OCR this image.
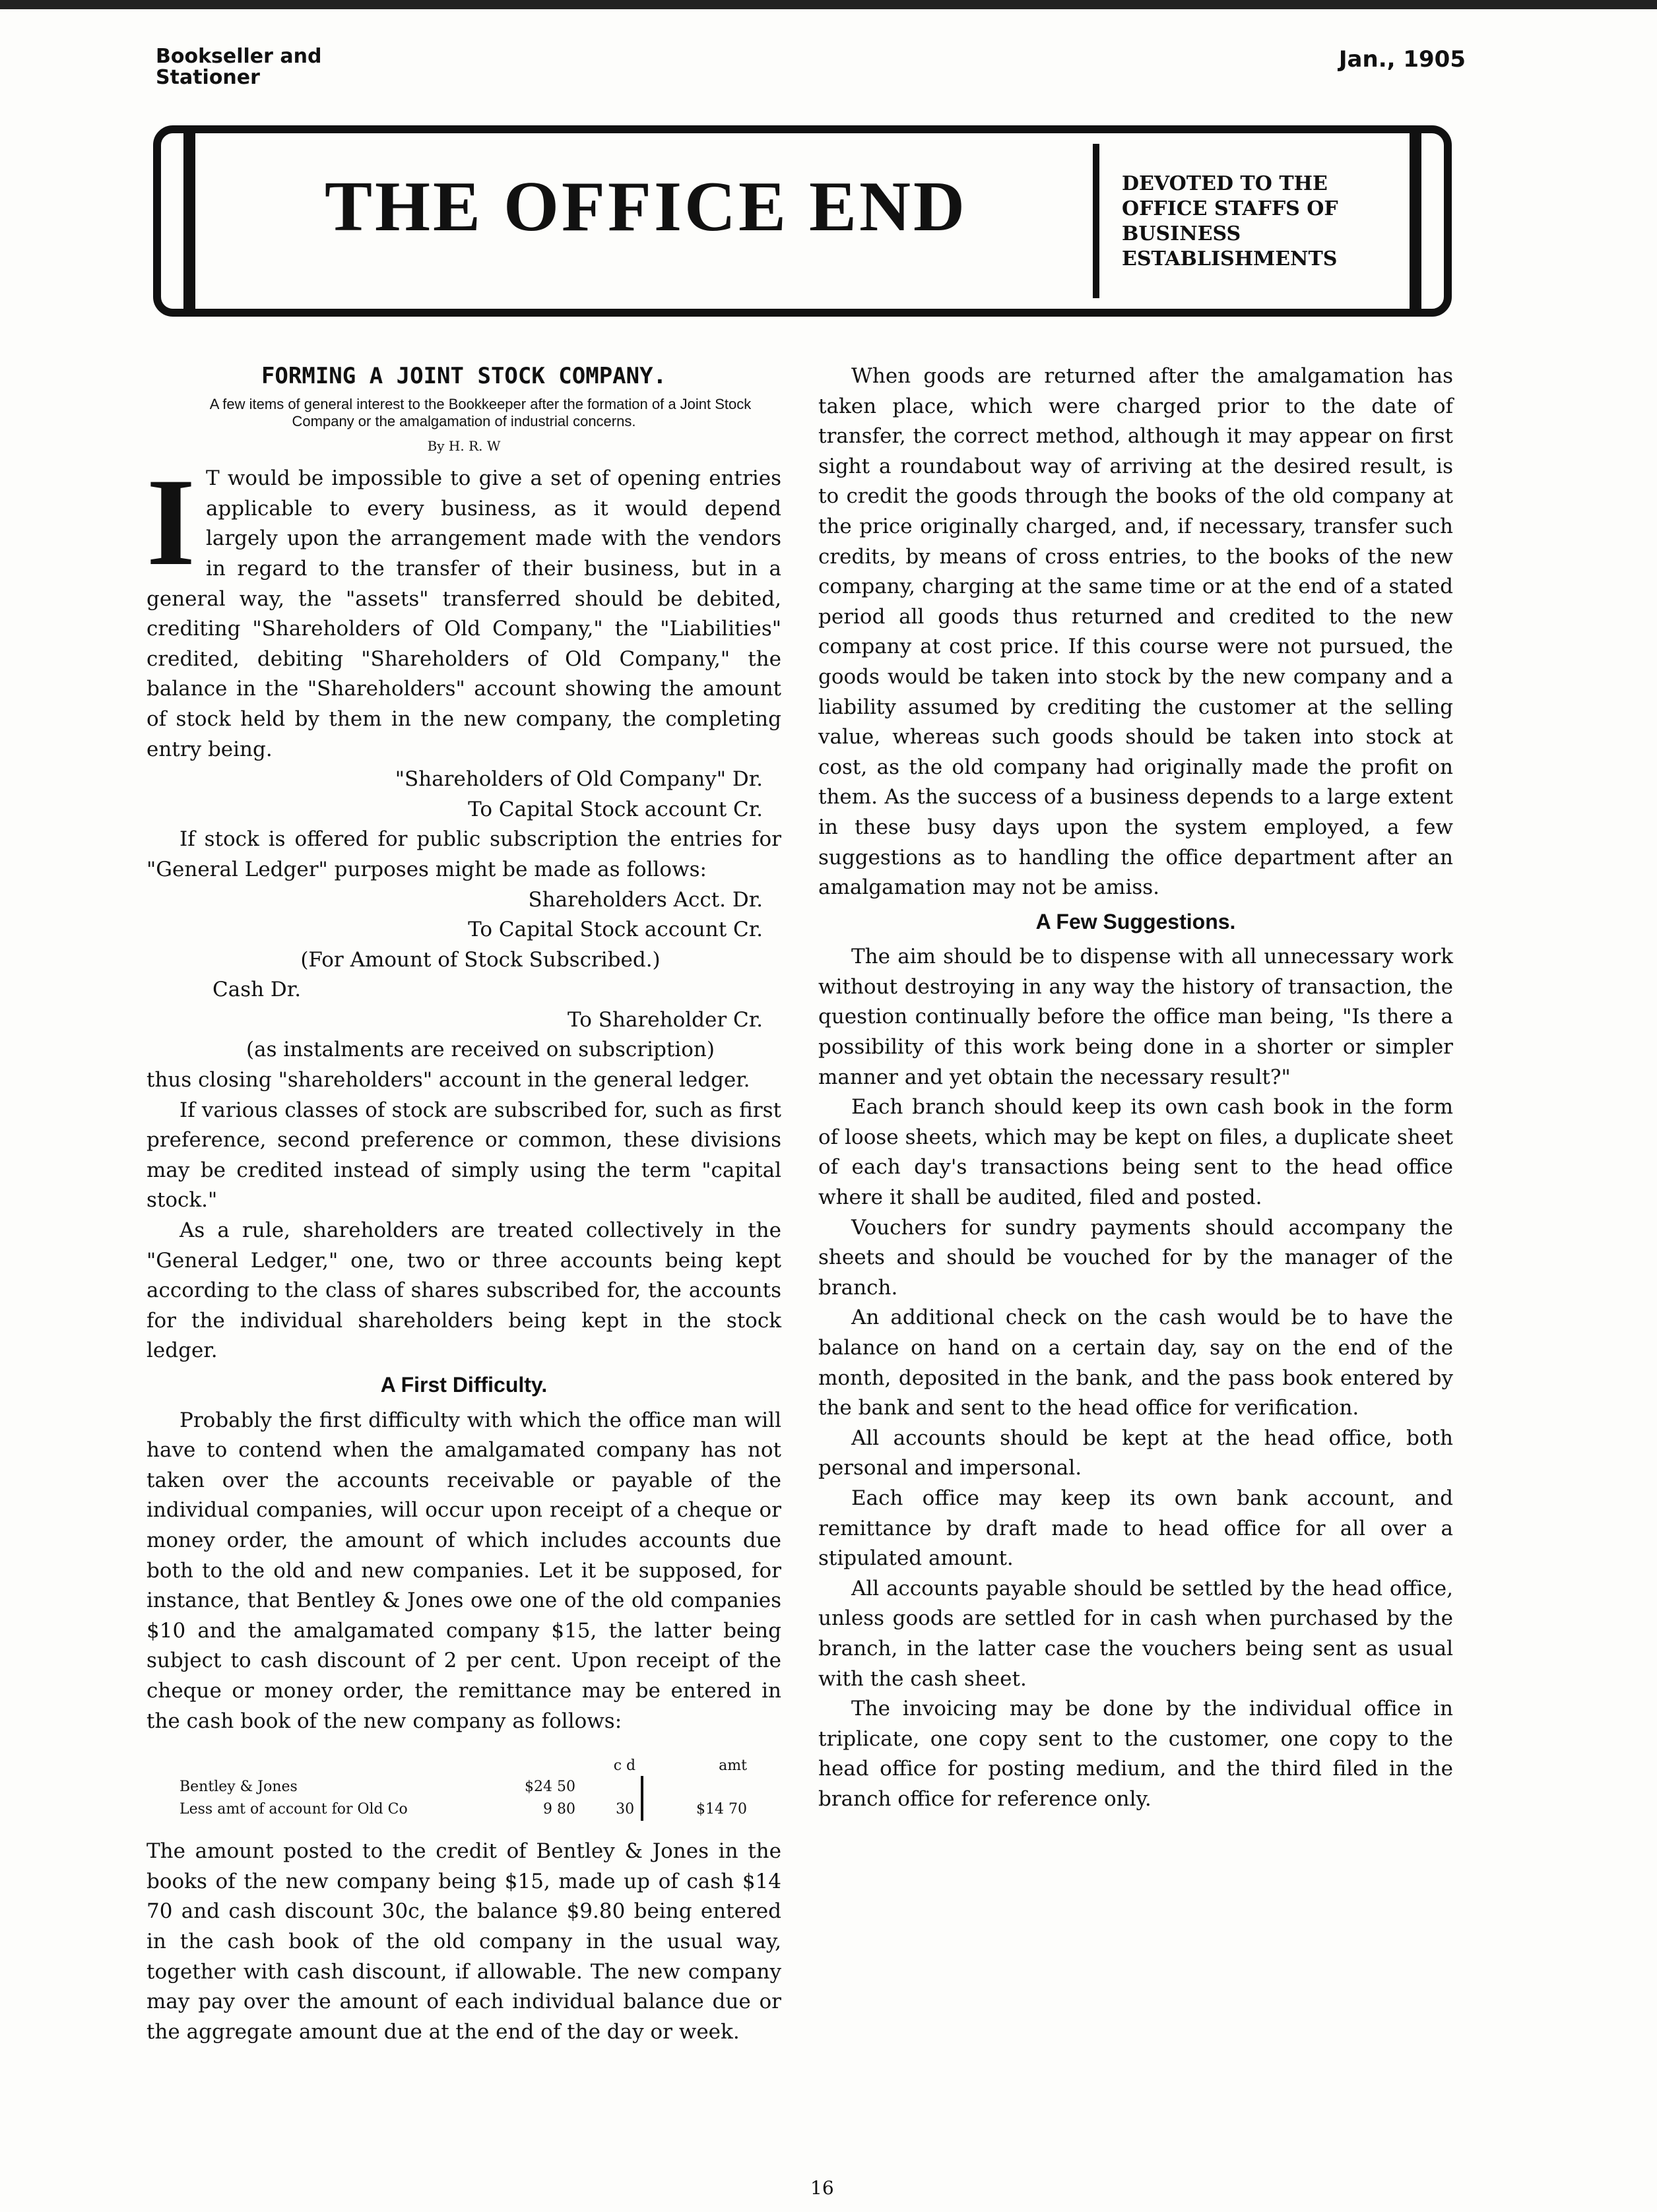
Bookseller and Stationer
Jan., 1905
THE OFFICE END	DEVOTED TO THE OFFICE STAFFS OF BUSINESS ESTABLISHMENTS
FORMING A JOINT STOCK COMPANY.

A few items of general interest to the Bookkeeper after the formation of a Joint Stock Company or the amalgamation of industrial concerns.

By H. R. W
I T would be impossible to give a set of opening entries applicable to every business, as it would depend largely upon the arrangement made with the vendors in regard to the transfer of their business, but in a general way, the "assets" transferred should be debited, crediting "Shareholders of Old Company," the "Liabilities" credited, debiting "Shareholders of Old Company," the balance in the "Shareholders" account showing the amount of stock held by them in the new company, the completing entry being.

"Shareholders of Old Company" Dr.

To Capital Stock account Cr.

If stock is offered for public subscription the entries for "General Ledger" purposes might be made as follows:

Shareholders Acct. Dr.

To Capital Stock account Cr.

(For Amount of Stock Subscribed.)

Cash Dr.

To Shareholder Cr.

(as instalments are received on subscription)

thus closing "shareholders" account in the general ledger.

If various classes of stock are subscribed for, such as first preference, second preference or common, these divisions may be credited instead of simply using the term "capital stock."

As a rule, shareholders are treated collectively in the "General Ledger," one, two or three accounts being kept according to the class of shares subscribed for, the accounts for the individual shareholders being kept in the stock ledger.

A First Difficulty.

Probably the first difficulty with which the office man will have to contend when the amalgamated company has not taken over the accounts receivable or payable of the individual companies, will occur upon receipt of a cheque or money order, the amount of which includes accounts due both to the old and new companies. Let it be supposed, for instance, that Bentley & Jones owe one of the old companies $10 and the amalgamated company $15, the latter being subject to cash discount of 2 per cent. Upon receipt of the cheque or money order, the remittance may be entered in the cash book of the new company as follows:

		c d	amt
Bentley & Jones	$24 50		
Less amt of account for Old Co	9 80	30	$14 70

The amount posted to the credit of Bentley & Jones in the books of the new company being $15, made up of cash $14 70 and cash discount 30c, the balance $9.80 being entered in the cash book of the old company in the usual way, together with cash discount, if allowable. The new company may pay over the amount of each individual balance due or the aggregate amount due at the end of the day or week.

When goods are returned after the amalgamation has taken place, which were charged prior to the date of transfer, the correct method, although it may appear on first sight a roundabout way of arriving at the desired result, is to credit the goods through the books of the old company at the price originally charged, and, if necessary, transfer such credits, by means of cross entries, to the books of the new company, charging at the same time or at the end of a stated period all goods thus returned and credited to the new company at cost price. If this course were not pursued, the goods would be taken into stock by the new company and a liability assumed by crediting the customer at the selling value, whereas such goods should be taken into stock at cost, as the old company had originally made the profit on them. As the success of a business depends to a large extent in these busy days upon the system employed, a few suggestions as to handling the office department after an amalgamation may not be amiss.

A Few Suggestions.

The aim should be to dispense with all unnecessary work without destroying in any way the history of transaction, the question continually before the office man being, "Is there a possibility of this work being done in a shorter or simpler manner and yet obtain the necessary result?"

Each branch should keep its own cash book in the form of loose sheets, which may be kept on files, a duplicate sheet of each day's transactions being sent to the head office where it shall be audited, filed and posted.

Vouchers for sundry payments should accompany the sheets and should be vouched for by the manager of the branch.

An additional check on the cash would be to have the balance on hand on a certain day, say on the end of the month, deposited in the bank, and the pass book entered by the bank and sent to the head office for verification.

All accounts should be kept at the head office, both personal and impersonal.

Each office may keep its own bank account, and remittance by draft made to head office for all over a stipulated amount.

All accounts payable should be settled by the head office, unless goods are settled for in cash when purchased by the branch, in the latter case the vouchers being sent as usual with the cash sheet.

The invoicing may be done by the individual office in triplicate, one copy sent to the customer, one copy to the head office for posting medium, and the third filed in the branch office for reference only.

16
